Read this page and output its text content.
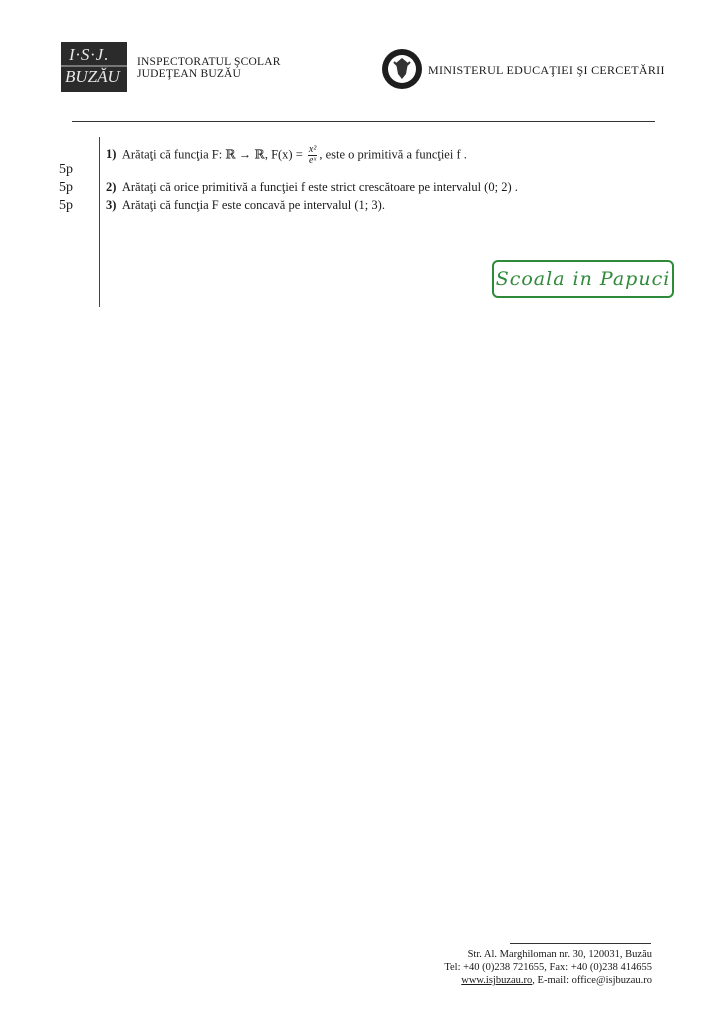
I·S·J.
BUZĂU
INSPECTORATUL ŞCOLAR
JUDEŢEAN BUZĂU	MINISTERUL EDUCAŢIEI ŞI CERCETĂRII
5p
5p
5p
1) Arătaţi că funcţia F: ℝ → ℝ, $F(x) = \frac{\text{x²}}{\text{eˣ}}$ , este o primitivă a funcţiei f .
2) Arătaţi că orice primitivă a funcţiei f este strict crescătoare pe intervalul (0; 2) .
3) Arătaţi că funcţia F este concavă pe intervalul (1; 3).
Scoala in Papuci
Str. Al. Marghiloman nr. 30, 120031, Buzău
Tel: +40 (0)238 721655, Fax: +40 (0)238 414655
www.isjbuzau.ro, E-mail: office@isjbuzau.ro
